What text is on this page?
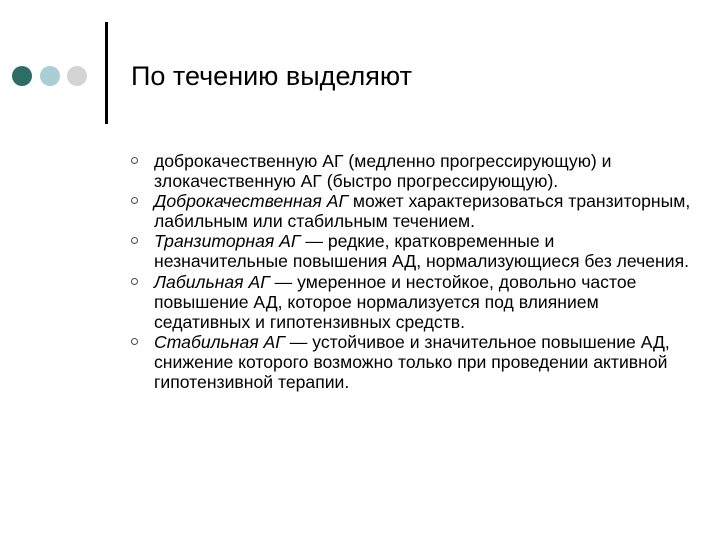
По течению выделяют
доброкачественную АГ (медленно прогрессирующую) и злокачественную АГ (быстро прогрессирующую).
Доброкачественная АГ может характеризоваться транзиторным, лабильным или стабильным течением.
Транзиторная АГ — редкие, кратковременные и незначительные повышения АД, нормализующиеся без лечения.
Лабильная АГ — умеренное и нестойкое, довольно частое повышение АД, которое нормализуется под влиянием седативных и гипотензивных средств.
Стабильная АГ — устойчивое и значительное повышение АД, снижение которого возможно только при проведении активной гипотензивной терапии.
